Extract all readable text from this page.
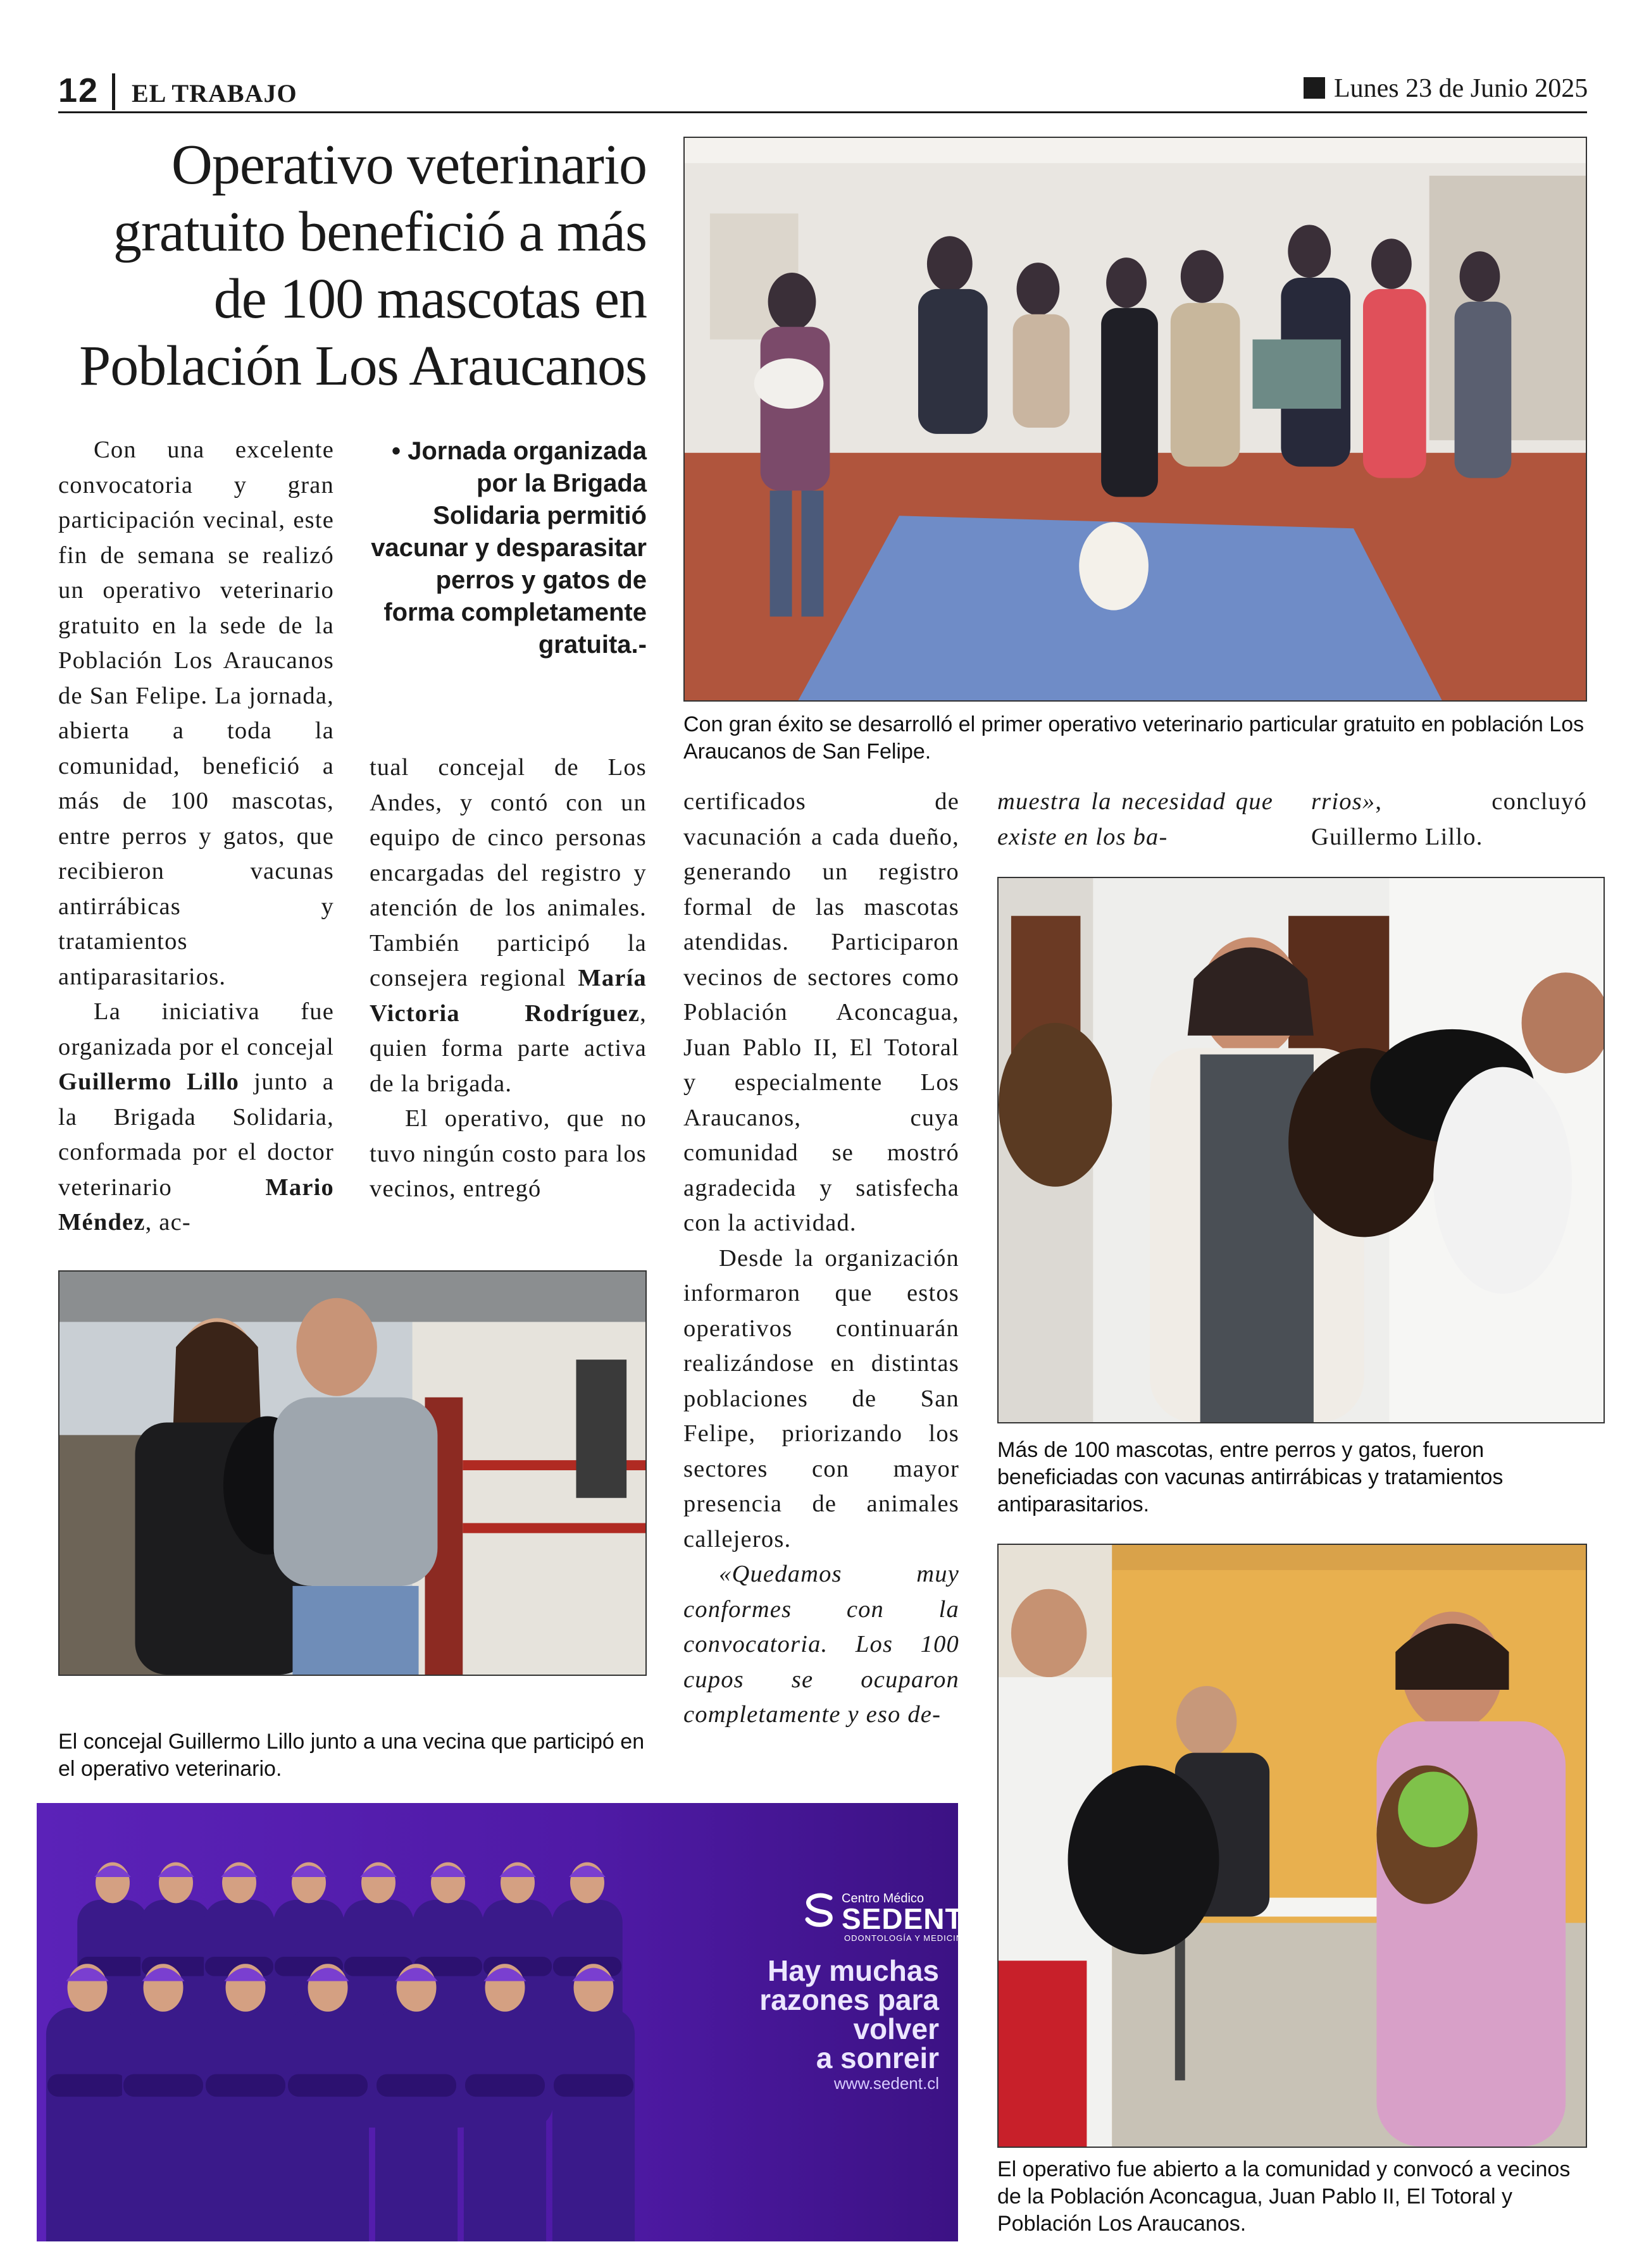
12 EL TRABAJO	Lunes 23 de Junio 2025
Operativo veterinario
gratuito benefició a más
de 100 mascotas en
Población Los Araucanos
• Jornada organizada por la Brigada Solidaria permitió vacunar y desparasitar perros y gatos de forma completamente gratuita.-

Con una excelente convocatoria y gran participación vecinal, este fin de semana se realizó un operativo veterinario gratuito en la sede de la Población Los Araucanos de San Felipe. La jornada, abierta a toda la comunidad, benefició a más de 100 mascotas, entre perros y gatos, que recibieron vacunas antirrábicas y tratamientos antiparasitarios.

La iniciativa fue organizada por el concejal Guillermo Lillo junto a la Brigada Solidaria, conformada por el doctor veterinario Mario Méndez, ac-

tual concejal de Los Andes, y contó con un equipo de cinco personas encargadas del registro y atención de los animales. También participó la consejera regional María Victoria Rodríguez, quien forma parte activa de la brigada.

El operativo, que no tuvo ningún costo para los vecinos, entregó

certificados de vacunación a cada dueño, generando un registro formal de las mascotas atendidas. Participaron vecinos de sectores como Población Aconcagua, Juan Pablo II, El Totoral y especialmente Los Araucanos, cuya comunidad se mostró agradecida y satisfecha con la actividad.

Desde la organización informaron que estos operativos continuarán realizándose en distintas poblaciones de San Felipe, priorizando los sectores con mayor presencia de animales callejeros.

«Quedamos muy conformes con la convocatoria. Los 100 cupos se ocuparon completamente y eso de-

muestra la necesidad que existe en los ba-

rrios», concluyó Guillermo Lillo.

Con gran éxito se desarrolló el primer operativo veterinario particular gratuito en población Los Araucanos de San Felipe.
El concejal Guillermo Lillo junto a una vecina que participó en el operativo veterinario.
Más de 100 mascotas, entre perros y gatos, fueron beneficiadas con vacunas antirrábicas y tratamientos antiparasitarios.
El operativo fue abierto a la comunidad y convocó a vecinos de la Población Aconcagua, Juan Pablo II, El Totoral y Población Los Araucanos.
Centro Médico
SEDENT
ODONTOLOGÍA Y MEDICINA
Hay muchas
razones para
volver
a sonreir
www.sedent.cl
